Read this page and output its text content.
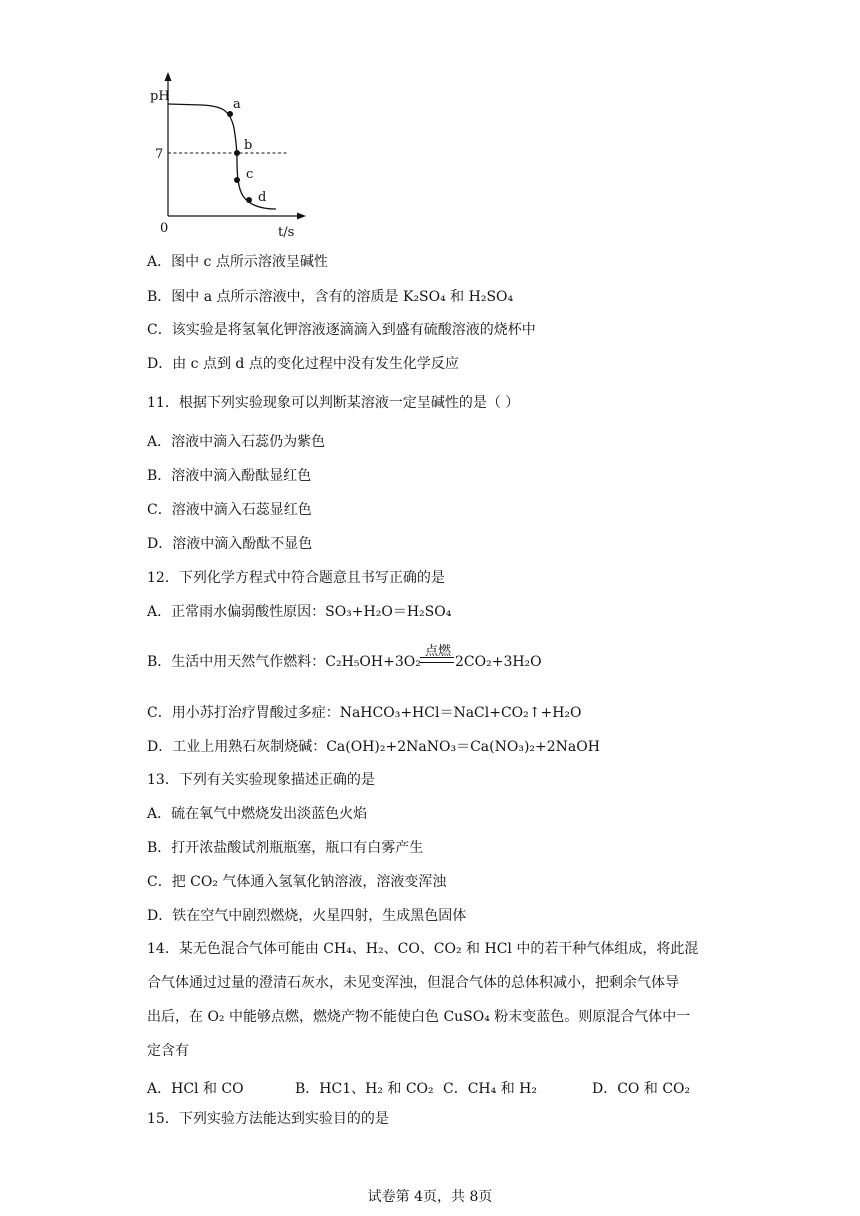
pH
7
0	t/s
a
b
c
d
A．图中 c 点所示溶液呈碱性
B．图中 a 点所示溶液中，含有的溶质是 K₂SO₄ 和 H₂SO₄
C．该实验是将氢氧化钾溶液逐滴滴入到盛有硫酸溶液的烧杯中
D．由 c 点到 d 点的变化过程中没有发生化学反应
11．根据下列实验现象可以判断某溶液一定呈碱性的是（ ）
A．溶液中滴入石蕊仍为紫色
B．溶液中滴入酚酞显红色
C．溶液中滴入石蕊显红色
D．溶液中滴入酚酞不显色
12．下列化学方程式中符合题意且书写正确的是
A．正常雨水偏弱酸性原因：SO₃+H₂O＝H₂SO₄
B．生活中用天然气作燃料：C₂H₅OH+3O₂
点燃
2CO₂+3H₂O
C．用小苏打治疗胃酸过多症：NaHCO₃+HCl＝NaCl+CO₂↑+H₂O
D．工业上用熟石灰制烧碱：Ca(OH)₂+2NaNO₃＝Ca(NO₃)₂+2NaOH
13．下列有关实验现象描述正确的是
A．硫在氧气中燃烧发出淡蓝色火焰
B．打开浓盐酸试剂瓶瓶塞，瓶口有白雾产生
C．把 CO₂ 气体通入氢氧化钠溶液，溶液变浑浊
D．铁在空气中剧烈燃烧，火星四射，生成黑色固体
14．某无色混合气体可能由 CH₄、H₂、CO、CO₂ 和 HCl 中的若干种气体组成，将此混
合气体通过过量的澄清石灰水，未见变浑浊，但混合气体的总体积减小，把剩余气体导
出后，在 O₂ 中能够点燃，燃烧产物不能使白色 CuSO₄ 粉末变蓝色。则原混合气体中一
定含有
A．HCl 和 CO	B．HC1、H₂ 和 CO₂ C．CH₄ 和 H₂	D．CO 和 CO₂
15．下列实验方法能达到实验目的的是
试卷第 4页，共 8页
